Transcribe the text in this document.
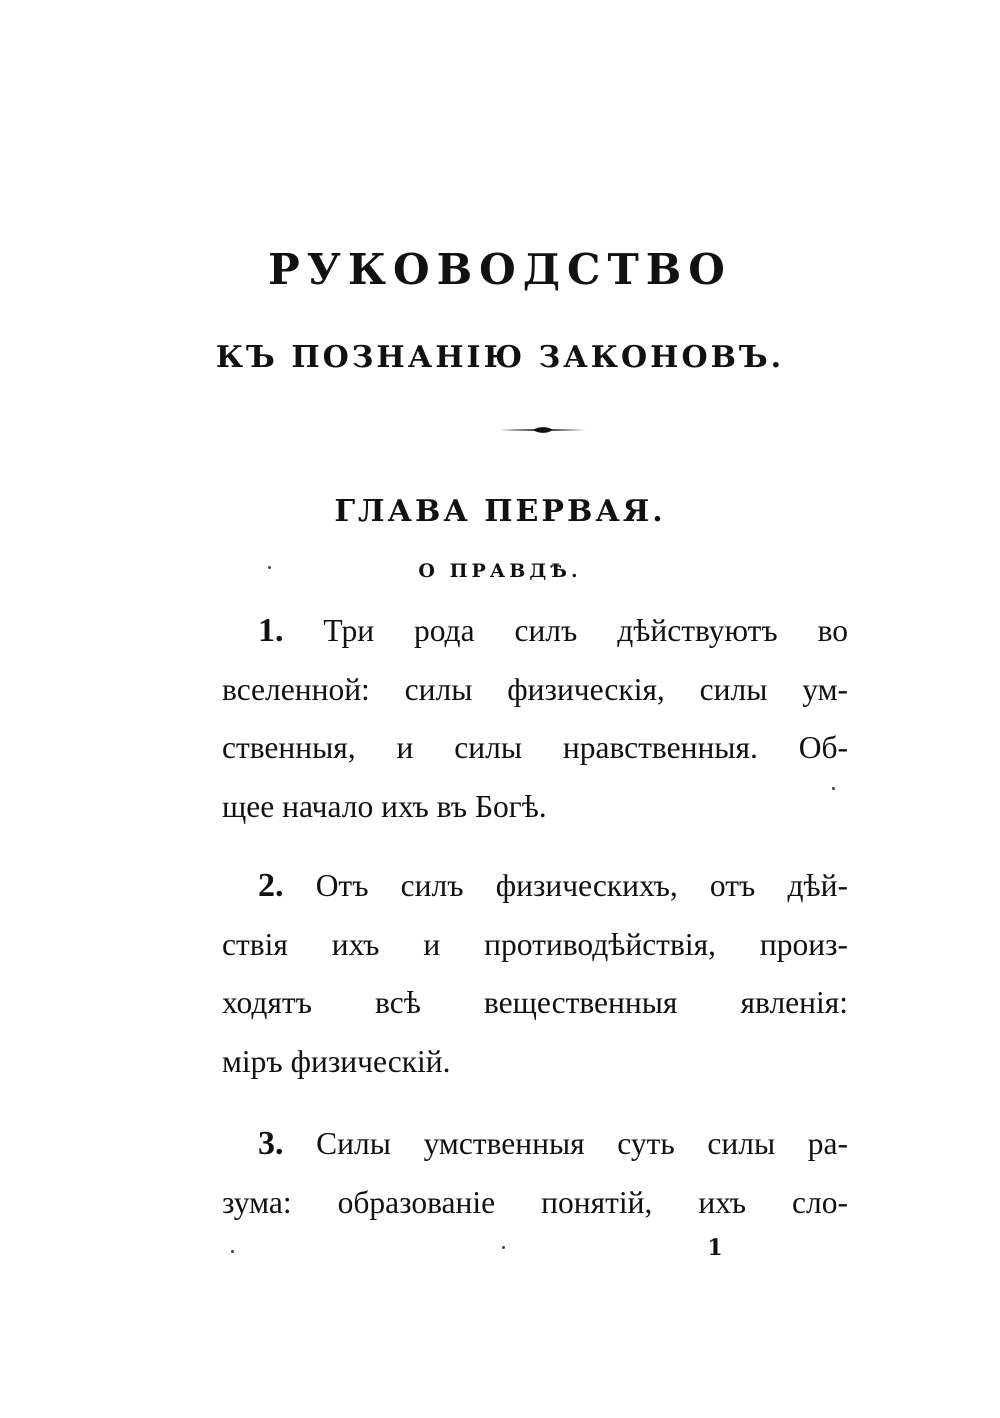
РУКОВОДСТВО
КЪ ПОЗНАНІЮ ЗАКОНОВЪ.
ГЛАВА ПЕРВАЯ.
О ПРАВДѢ.
1. Три рода силъ дѣйствуютъ во
вселенной: силы физическія, силы ум-
ственныя, и силы нравственныя. Об-
щее начало ихъ въ Богѣ.
2. Отъ силъ физическихъ, отъ дѣй-
ствія ихъ и противодѣйствія, произ-
ходятъ всѣ вещественныя явленія:
міръ физическій.
3. Силы умственныя суть силы ра-
зума: образованіе понятій, ихъ сло-
1
